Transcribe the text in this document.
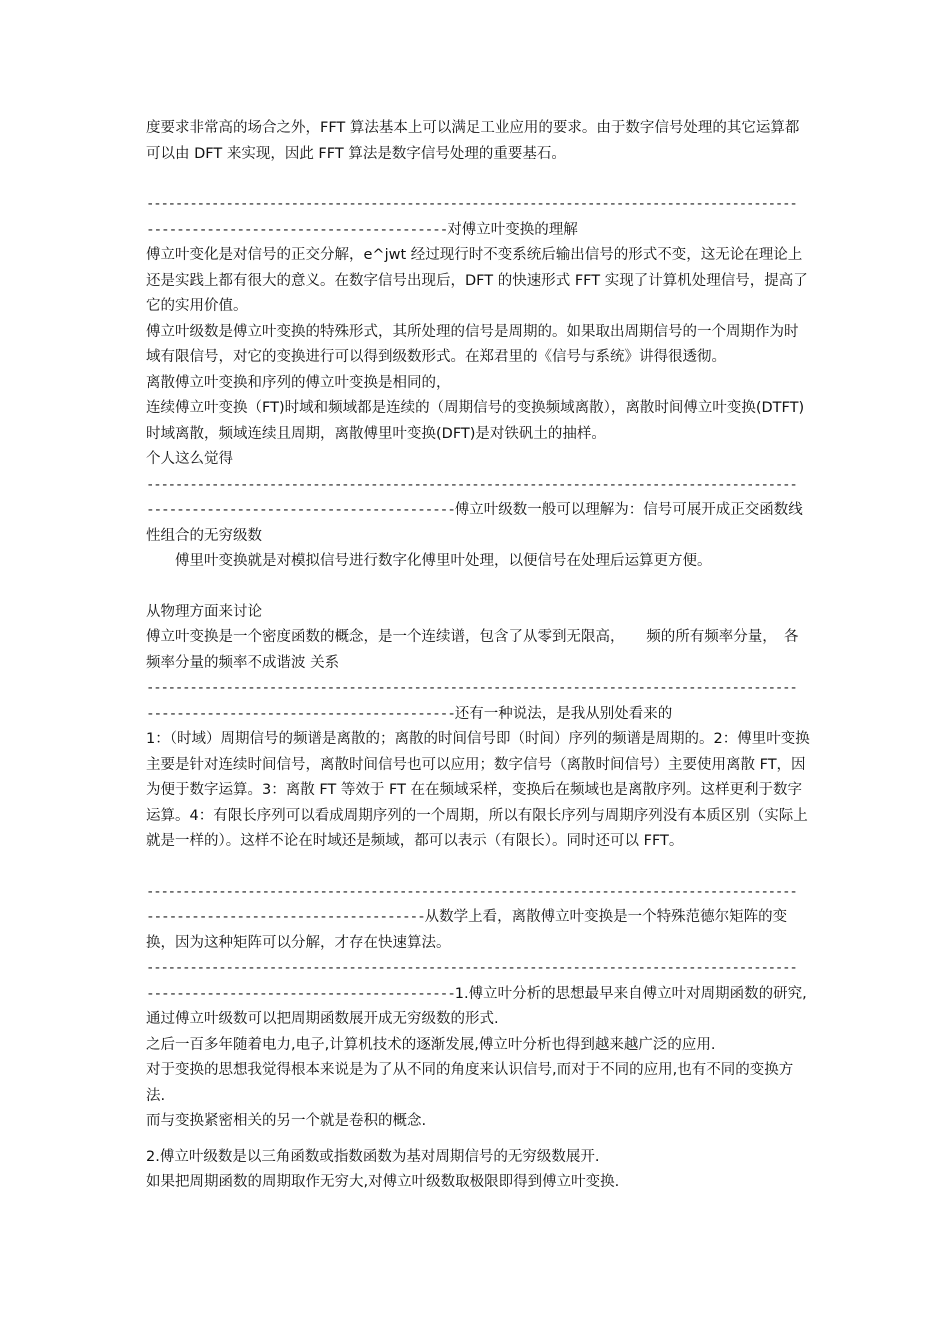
度要求非常高的场合之外，FFT 算法基本上可以满足工业应用的要求。由于数字信号处理的其它运算都可以由 DFT 来实现，因此 FFT 算法是数字信号处理的重要基石。

------------------------------------------------------------------------------------------

----------------------------------------对傅立叶变换的理解

傅立叶变化是对信号的正交分解，e^jwt 经过现行时不变系统后输出信号的形式不变，这无论在理论上还是实践上都有很大的意义。在数字信号出现后，DFT 的快速形式 FFT 实现了计算机处理信号，提高了它的实用价值。

傅立叶级数是傅立叶变换的特殊形式，其所处理的信号是周期的。如果取出周期信号的一个周期作为时域有限信号，对它的变换进行可以得到级数形式。在郑君里的《信号与系统》讲得很透彻。

离散傅立叶变换和序列的傅立叶变换是相同的，

连续傅立叶变换（FT)时域和频域都是连续的（周期信号的变换频域离散），离散时间傅立叶变换(DTFT)时域离散，频域连续且周期，离散傅里叶变换(DFT)是对铁矾土的抽样。

个人这么觉得

------------------------------------------------------------------------------------------

-----------------------------------------傅立叶级数一般可以理解为：信号可展开成正交函数线性组合的无穷级数

傅里叶变换就是对模拟信号进行数字化傅里叶处理，以便信号在处理后运算更方便。

从物理方面来讨论

傅立叶变换是一个密度函数的概念，是一个连续谱，包含了从零到无限高，　　频的所有频率分量，　各频率分量的频率不成谐波 关系

------------------------------------------------------------------------------------------

-----------------------------------------还有一种说法，是我从别处看来的

1：（时域）周期信号的频谱是离散的；离散的时间信号即（时间）序列的频谱是周期的。2：傅里叶变换主要是针对连续时间信号，离散时间信号也可以应用；数字信号（离散时间信号）主要使用离散 FT，因为便于数字运算。3：离散 FT 等效于 FT 在在频域采样，变换后在频域也是离散序列。这样更利于数字运算。4：有限长序列可以看成周期序列的一个周期，所以有限长序列与周期序列没有本质区别（实际上就是一样的）。这样不论在时域还是频域，都可以表示（有限长）。同时还可以 FFT。

------------------------------------------------------------------------------------------

-------------------------------------从数学上看，离散傅立叶变换是一个特殊范德尔矩阵的变换，因为这种矩阵可以分解，才存在快速算法。

------------------------------------------------------------------------------------------

-----------------------------------------1.傅立叶分析的思想最早来自傅立叶对周期函数的研究,通过傅立叶级数可以把周期函数展开成无穷级数的形式.

之后一百多年随着电力,电子,计算机技术的逐渐发展,傅立叶分析也得到越来越广泛的应用.

对于变换的思想我觉得根本来说是为了从不同的角度来认识信号,而对于不同的应用,也有不同的变换方法.

而与变换紧密相关的另一个就是卷积的概念.

2.傅立叶级数是以三角函数或指数函数为基对周期信号的无穷级数展开.

如果把周期函数的周期取作无穷大,对傅立叶级数取极限即得到傅立叶变换.
